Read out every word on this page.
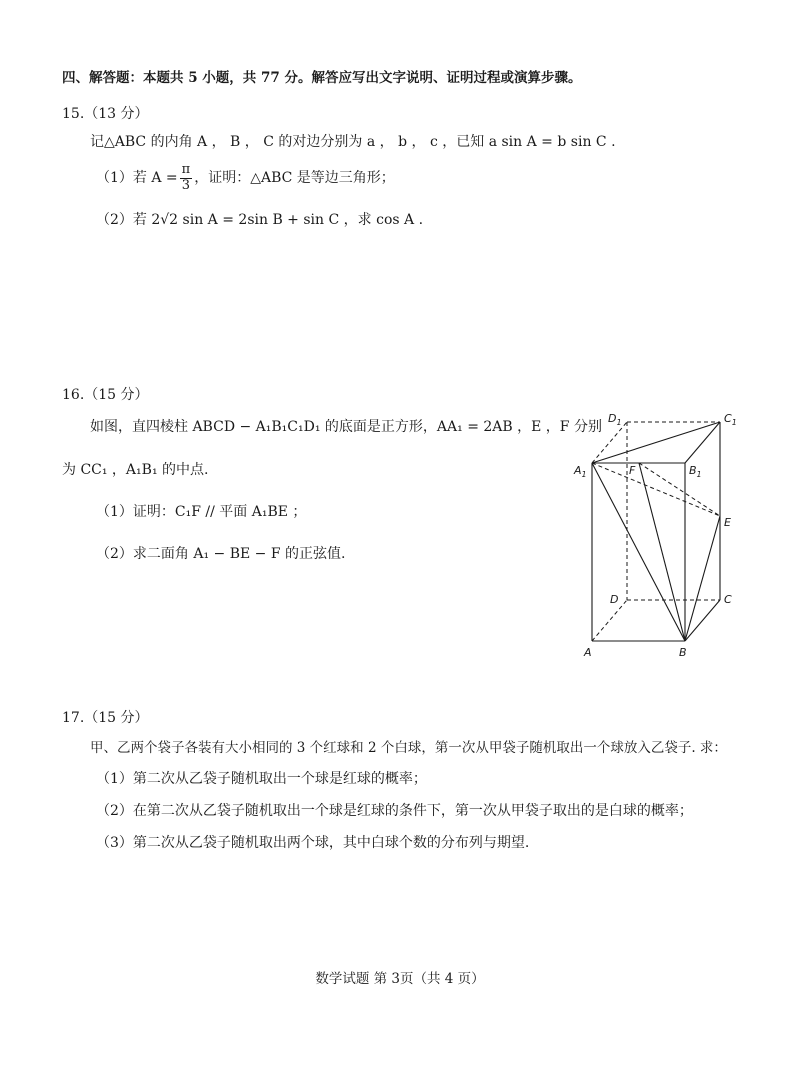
四、解答题：本题共 5 小题，共 77 分。解答应写出文字说明、证明过程或演算步骤。
15.（13 分）
记△ABC 的内角 A ， B ， C 的对边分别为 a ， b ， c ，已知 a sin A = b sin C .
（1）若 $A = \frac{\pi}{3}$ ，证明：△ABC 是等边三角形；
（2）若 2√2 sin A = 2sin B + sin C ，求 cos A .
16.（15 分）
如图，直四棱柱 ABCD − A₁B₁C₁D₁ 的底面是正方形，AA₁ = 2AB ，E ，F 分别
为 CC₁ ，A₁B₁ 的中点.
（1）证明：C₁F // 平面 A₁BE ；
（2）求二面角 A₁ − BE − F 的正弦值.
$D_1$	$C_1$
$A_1$	F	$B_1$
E
D	C
A	B
17.（15 分）
甲、乙两个袋子各装有大小相同的 3 个红球和 2 个白球，第一次从甲袋子随机取出一个球放入乙袋子. 求：
（1）第二次从乙袋子随机取出一个球是红球的概率；
（2）在第二次从乙袋子随机取出一个球是红球的条件下，第一次从甲袋子取出的是白球的概率；
（3）第二次从乙袋子随机取出两个球，其中白球个数的分布列与期望.
数学试题 第 3页（共 4 页）
